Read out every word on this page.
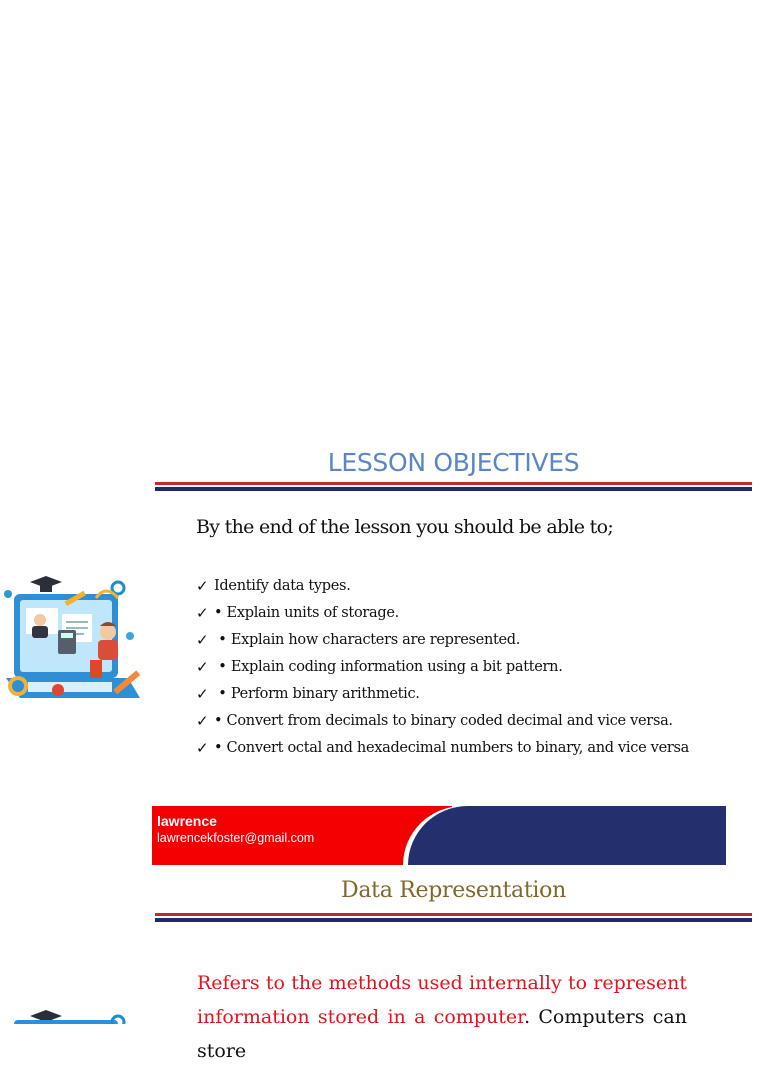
LESSON OBJECTIVES
By the end of the lesson you should be able to;
✓ Identify data types.
✓ • Explain units of storage.
✓ • Explain how characters are represented.
✓ • Explain coding information using a bit pattern.
✓ • Perform binary arithmetic.
✓ • Convert from decimals to binary coded decimal and vice versa.
✓ • Convert octal and hexadecimal numbers to binary, and vice versa
lawrence
lawrencekfoster@gmail.com
Data Representation

Refers to the methods used internally to represent information stored in a computer. Computers can store
